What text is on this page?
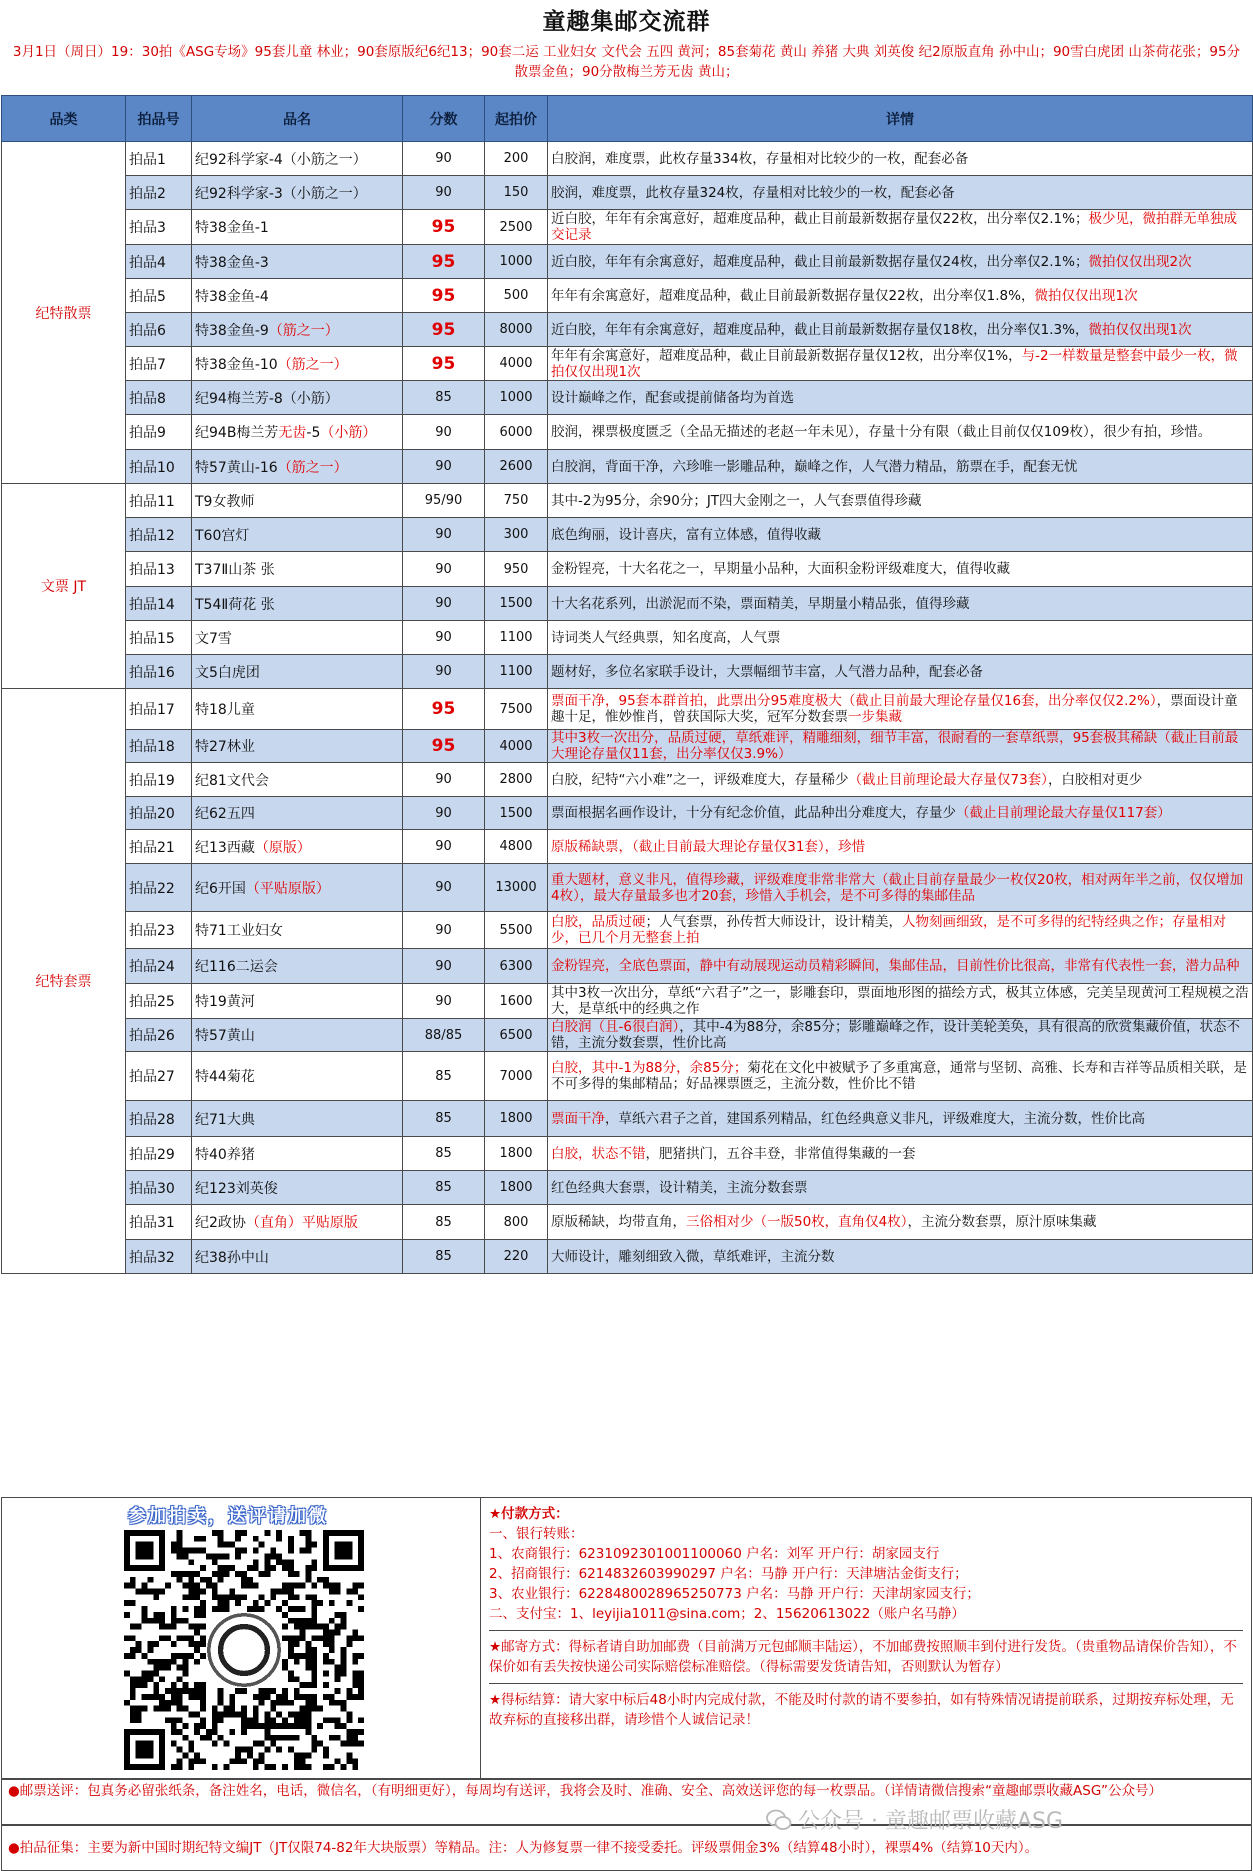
童趣集邮交流群
3月1日（周日）19：30拍《ASG专场》95套儿童 林业；90套原版纪6纪13；90套二运 工业妇女 文代会 五四 黄河；85套菊花 黄山 养猪 大典 刘英俊 纪2原版直角 孙中山；90雪白虎团 山茶荷花张；95分散票金鱼；90分散梅兰芳无齿 黄山；
品类	拍品号	品名	分数	起拍价	详情
纪特散票	拍品1	纪92科学家-4（小筋之一）	90	200	白胶润，难度票，此枚存量334枚，存量相对比较少的一枚，配套必备
	拍品2	纪92科学家-3（小筋之一）	90	150	胶润，难度票，此枚存量324枚，存量相对比较少的一枚，配套必备
	拍品3	特38金鱼-1	95	2500	近白胶，年年有余寓意好，超难度品种，截止目前最新数据存量仅22枚，出分率仅2.1%；极少见，微拍群无单独成交记录
	拍品4	特38金鱼-3	95	1000	近白胶，年年有余寓意好，超难度品种，截止目前最新数据存量仅24枚，出分率仅2.1%；微拍仅仅出现2次
	拍品5	特38金鱼-4	95	500	年年有余寓意好，超难度品种，截止目前最新数据存量仅22枚，出分率仅1.8%，微拍仅仅出现1次
	拍品6	特38金鱼-9（筋之一）	95	8000	近白胶，年年有余寓意好，超难度品种，截止目前最新数据存量仅18枚，出分率仅1.3%，微拍仅仅出现1次
	拍品7	特38金鱼-10（筋之一）	95	4000	年年有余寓意好，超难度品种，截止目前最新数据存量仅12枚，出分率仅1%，与-2一样数量是整套中最少一枚，微拍仅仅出现1次
	拍品8	纪94梅兰芳-8（小筋）	85	1000	设计巅峰之作，配套或提前储备均为首选
	拍品9	纪94B梅兰芳无齿-5（小筋）	90	6000	胶润，裸票极度匮乏（全品无描述的老赵一年未见），存量十分有限（截止目前仅仅109枚），很少有拍，珍惜。
	拍品10	特57黄山-16（筋之一）	90	2600	白胶润，背面干净，六珍唯一影雕品种，巅峰之作，人气潜力精品，筋票在手，配套无忧
文票 JT	拍品11	T9女教师	95/90	750	其中-2为95分，余90分；JT四大金刚之一，人气套票值得珍藏
	拍品12	T60宫灯	90	300	底色绚丽，设计喜庆，富有立体感，值得收藏
	拍品13	T37Ⅱ山茶 张	90	950	金粉锃亮，十大名花之一，早期量小品种，大面积金粉评级难度大，值得收藏
	拍品14	T54Ⅱ荷花 张	90	1500	十大名花系列，出淤泥而不染，票面精美，早期量小精品张，值得珍藏
	拍品15	文7雪	90	1100	诗词类人气经典票，知名度高，人气票
	拍品16	文5白虎团	90	1100	题材好，多位名家联手设计，大票幅细节丰富，人气潜力品种，配套必备
纪特套票	拍品17	特18儿童	95	7500	票面干净，95套本群首拍，此票出分95难度极大（截止目前最大理论存量仅16套，出分率仅仅2.2%），票面设计童趣十足，惟妙惟肖，曾获国际大奖，冠军分数套票一步集藏
	拍品18	特27林业	95	4000	其中3枚一次出分，品质过硬，草纸难评，精雕细刻，细节丰富，很耐看的一套草纸票，95套极其稀缺（截止目前最大理论存量仅11套，出分率仅仅3.9%）
	拍品19	纪81文代会	90	2800	白胶，纪特“六小难”之一，评级难度大，存量稀少（截止目前理论最大存量仅73套），白胶相对更少
	拍品20	纪62五四	90	1500	票面根据名画作设计，十分有纪念价值，此品种出分难度大，存量少（截止目前理论最大存量仅117套）
	拍品21	纪13西藏（原版）	90	4800	原版稀缺票，（截止目前最大理论存量仅31套），珍惜
	拍品22	纪6开国（平贴原版）	90	13000	重大题材，意义非凡，值得珍藏，评级难度非常非常大（截止目前存量最少一枚仅20枚，相对两年半之前，仅仅增加4枚），最大存量最多也才20套，珍惜入手机会，是不可多得的集邮佳品
	拍品23	特71工业妇女	90	5500	白胶，品质过硬；人气套票，孙传哲大师设计，设计精美，人物刻画细致，是不可多得的纪特经典之作；存量相对少，已几个月无整套上拍
	拍品24	纪116二运会	90	6300	金粉锃亮，全底色票面，静中有动展现运动员精彩瞬间，集邮佳品，目前性价比很高，非常有代表性一套，潜力品种
	拍品25	特19黄河	90	1600	其中3枚一次出分，草纸“六君子”之一，影雕套印，票面地形图的描绘方式，极其立体感，完美呈现黄河工程规模之浩大，是草纸中的经典之作
	拍品26	特57黄山	88/85	6500	白胶润（且-6很白润），其中-4为88分，余85分；影雕巅峰之作，设计美轮美奂，具有很高的欣赏集藏价值，状态不错，主流分数套票，性价比高
	拍品27	特44菊花	85	7000	白胶，其中-1为88分，余85分；菊花在文化中被赋予了多重寓意，通常与坚韧、高雅、长寿和吉祥等品质相关联，是不可多得的集邮精品；好品裸票匮乏，主流分数，性价比不错
	拍品28	纪71大典	85	1800	票面干净，草纸六君子之首，建国系列精品，红色经典意义非凡，评级难度大，主流分数，性价比高
	拍品29	特40养猪	85	1800	白胶，状态不错，肥猪拱门，五谷丰登，非常值得集藏的一套
	拍品30	纪123刘英俊	85	1800	红色经典大套票，设计精美，主流分数套票
	拍品31	纪2政协（直角）平贴原版	85	800	原版稀缺，均带直角，三俗相对少（一版50枚，直角仅4枚），主流分数套票，原汁原味集藏
	拍品32	纪38孙中山	85	220	大师设计，雕刻细致入微，草纸难评，主流分数
参加拍卖，送评请加微	★付款方式：
一、银行转账：
1、农商银行：6231092301001100060 户名：刘军 开户行：胡家园支行
2、招商银行：6214832603990297 户名：马静 开户行：天津塘沽金街支行；
3、农业银行：6228480028965250773 户名：马静 开户行：天津胡家园支行；
二、支付宝：1、leyijia1011@sina.com；2、15620613022（账户名马静）
★邮寄方式：得标者请自助加邮费（目前满万元包邮顺丰陆运），不加邮费按照顺丰到付进行发货。（贵重物品请保价告知），不保价如有丢失按快递公司实际赔偿标准赔偿。（得标需要发货请告知，否则默认为暂存）
★得标结算：请大家中标后48小时内完成付款，不能及时付款的请不要参拍，如有特殊情况请提前联系，过期按弃标处理，无故弃标的直接移出群，请珍惜个人诚信记录！
●邮票送评：包真务必留张纸条，备注姓名，电话，微信名，（有明细更好），每周均有送评，我将会及时、准确、安全、高效送评您的每一枚票品。（详情请微信搜索“童趣邮票收藏ASG”公众号）
●拍品征集：主要为新中国时期纪特文编JT（JT仅限74-82年大块版票）等精品。注：人为修复票一律不接受委托。评级票佣金3%（结算48小时），裸票4%（结算10天内）。
公众号 · 童趣邮票收藏ASG
